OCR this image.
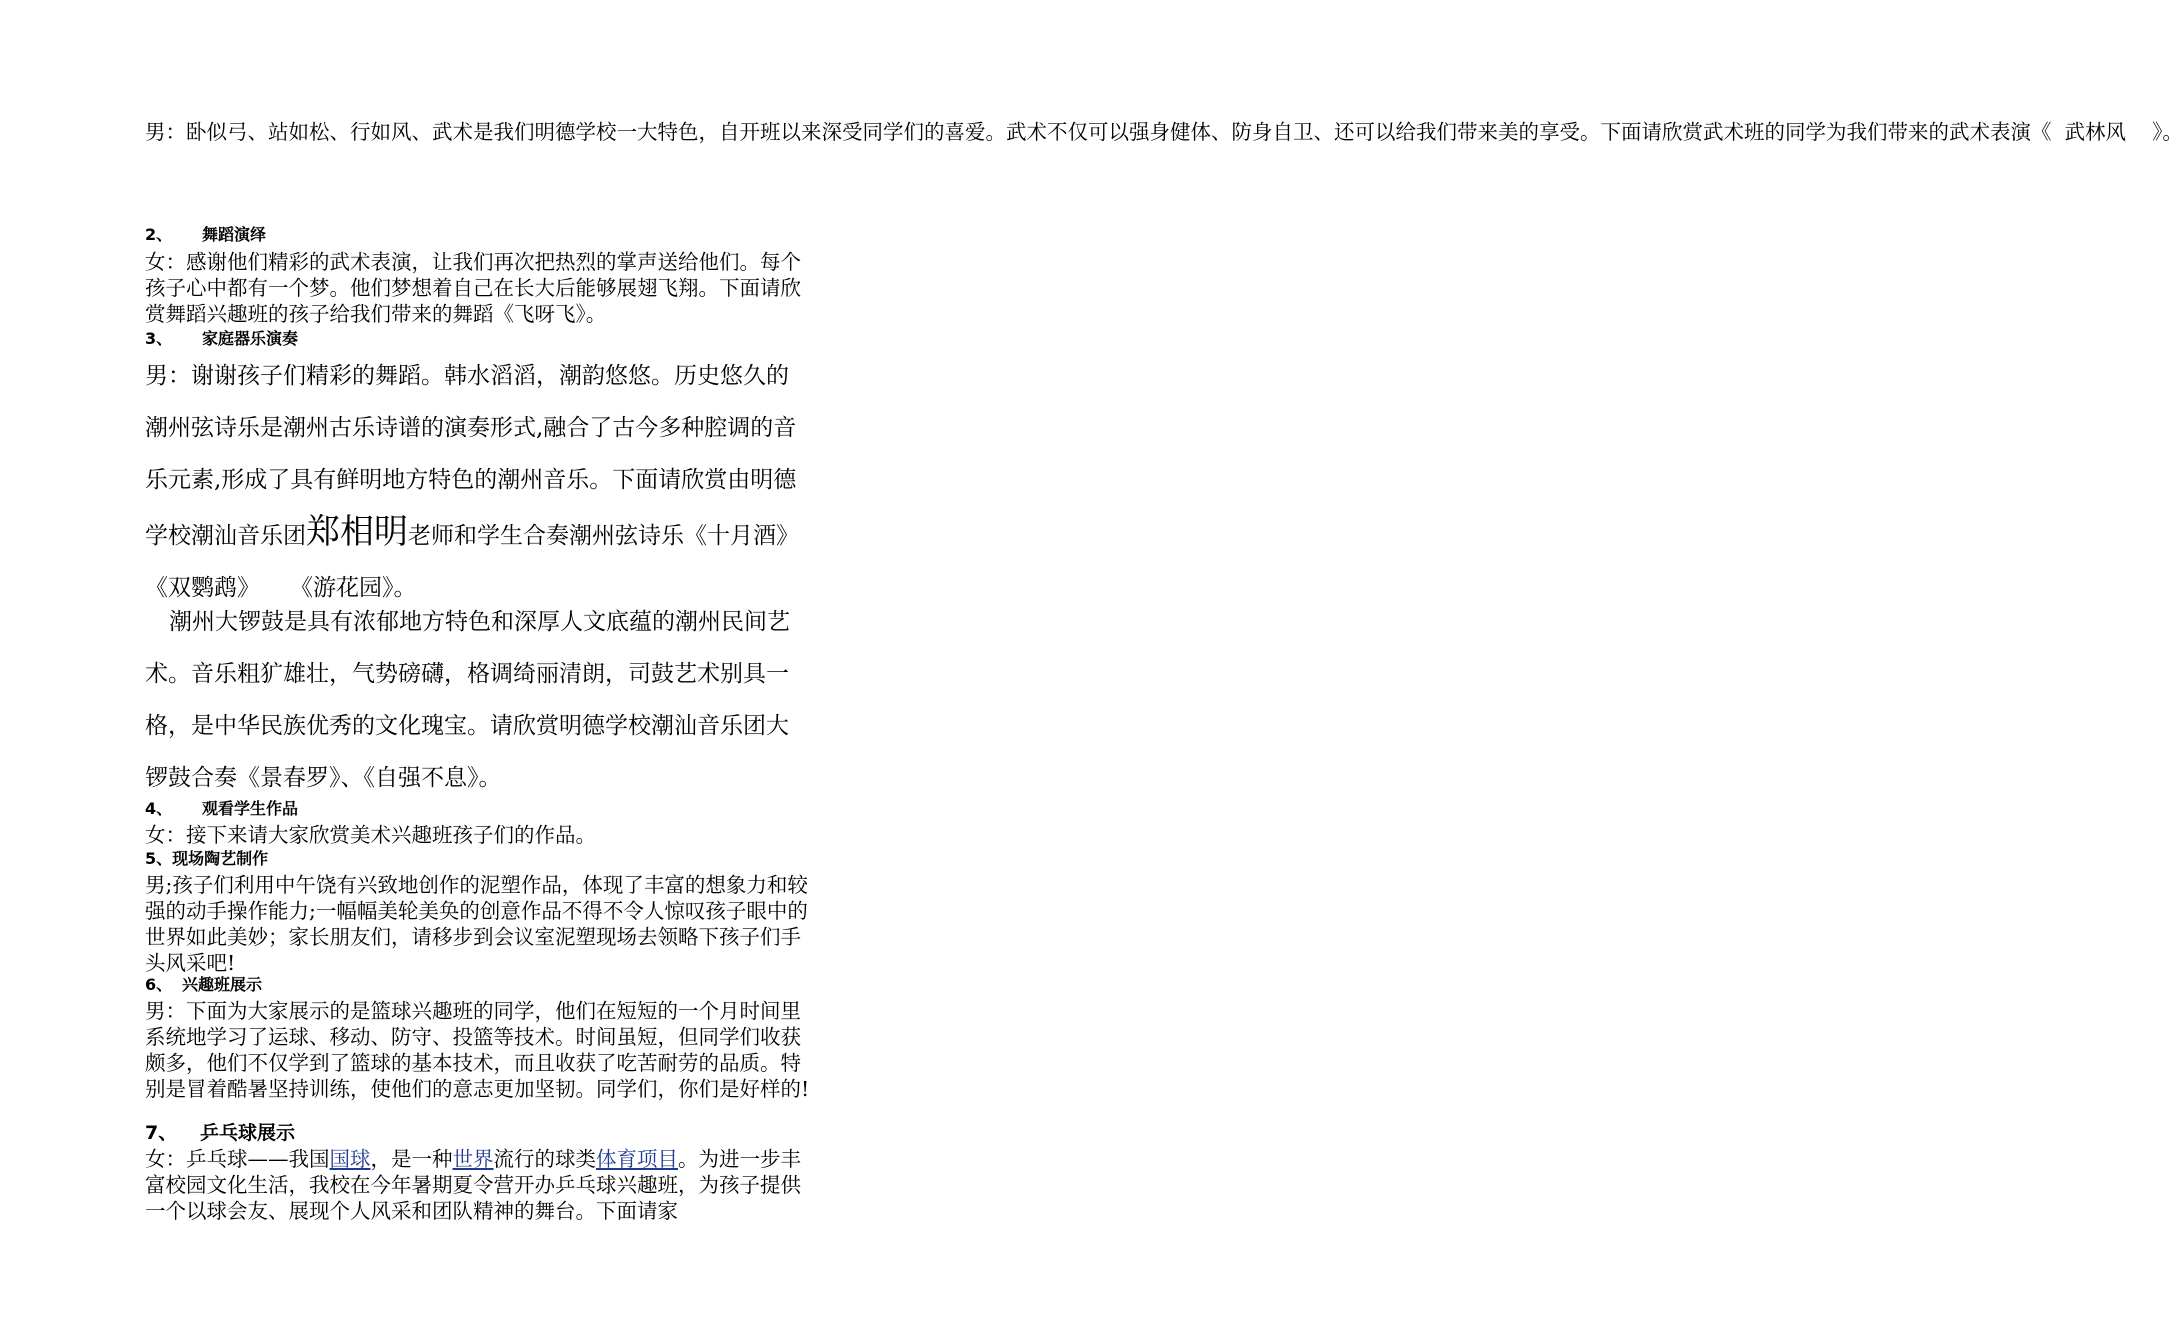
男：卧似弓、站如松、行如风、武术是我们明德学校一大特色，自开班以来深受同学们的喜爱。武术不仅可以强身健体、防身自卫、还可以给我们带来美的享受。下面请欣赏武术班的同学为我们带来的武术表演《  武林风    》。

2、 舞蹈演绎

女：感谢他们精彩的武术表演，让我们再次把热烈的掌声送给他们。每个孩子心中都有一个梦。他们梦想着自己在长大后能够展翅飞翔。下面请欣赏舞蹈兴趣班的孩子给我们带来的舞蹈《飞呀飞》。

3、 家庭器乐演奏

男：谢谢孩子们精彩的舞蹈。韩水滔滔，潮韵悠悠。历史悠久的潮州弦诗乐是潮州古乐诗谱的演奏形式,融合了古今多种腔调的音乐元素,形成了具有鲜明地方特色的潮州音乐。下面请欣赏由明德学校潮汕音乐团郑相明老师和学生合奏潮州弦诗乐《十月酒》《双鹦鹉》 《游花园》。

潮州大锣鼓是具有浓郁地方特色和深厚人文底蕴的潮州民间艺术。音乐粗犷雄壮，气势磅礴，格调绮丽清朗，司鼓艺术别具一格，是中华民族优秀的文化瑰宝。请欣赏明德学校潮汕音乐团大锣鼓合奏《景春罗》、《自强不息》。

4、 观看学生作品

女：接下来请大家欣赏美术兴趣班孩子们的作品。

5、现场陶艺制作

男;孩子们利用中午饶有兴致地创作的泥塑作品，体现了丰富的想象力和较强的动手操作能力;一幅幅美轮美奂的创意作品不得不令人惊叹孩子眼中的世界如此美妙；家长朋友们，请移步到会议室泥塑现场去领略下孩子们手头风采吧!

6、 兴趣班展示

男：下面为大家展示的是篮球兴趣班的同学，他们在短短的一个月时间里系统地学习了运球、移动、防守、投篮等技术。时间虽短，但同学们收获颇多，他们不仅学到了篮球的基本技术，而且收获了吃苦耐劳的品质。特别是冒着酷暑坚持训练，使他们的意志更加坚韧。同学们，你们是好样的!

7、 乒乓球展示

女：乒乓球——我国国球，是一种世界流行的球类体育项目。为进一步丰富校园文化生活，我校在今年暑期夏令营开办乒乓球兴趣班，为孩子提供一个以球会友、展现个人风采和团队精神的舞台。下面请家
